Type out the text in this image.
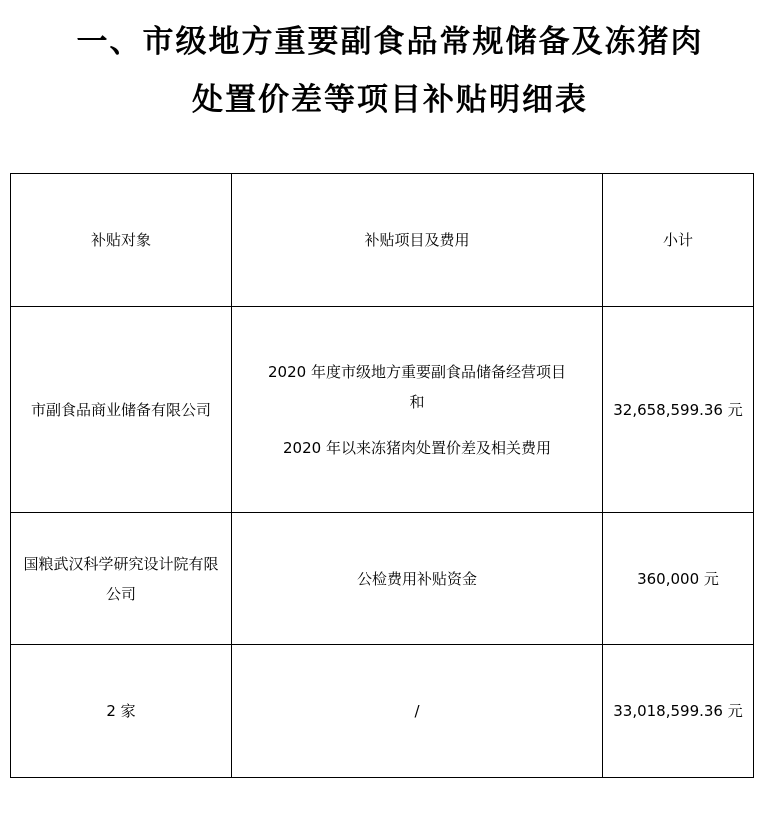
一、市级地方重要副食品常规储备及冻猪肉
处置价差等项目补贴明细表
补贴对象	补贴项目及费用	小计
市副食品商业储备有限公司	2020 年度市级地方重要副食品储备经营项目
和
2020 年以来冻猪肉处置价差及相关费用	32,658,599.36 元
国粮武汉科学研究设计院有限公司	公检费用补贴资金	360,000 元
2 家	/	33,018,599.36 元
